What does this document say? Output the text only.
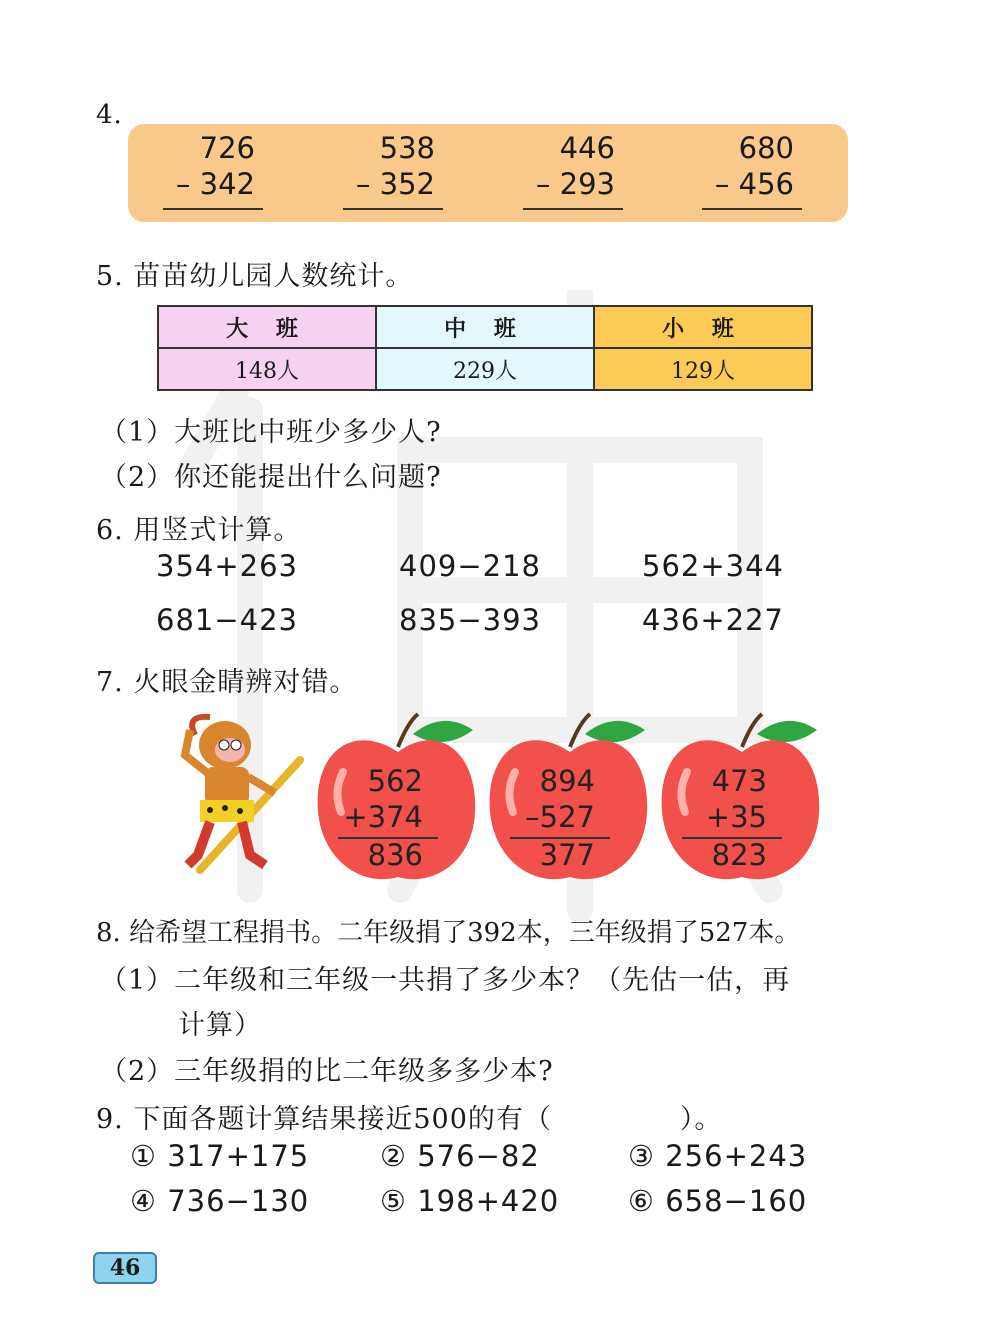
4.
726
– 342
538
– 352
446
– 293
680
– 456
5. 苗苗幼儿园人数统计。
大 班	中 班	小 班
148人	229人	129人
（1）大班比中班少多少人?
（2）你还能提出什么问题?
6. 用竖式计算。
354+263	409−218	562+344
681−423	835−393	436+227
7. 火眼金睛辨对错。
562
+374
836
894
–527
377
473
+35
823
8. 给希望工程捐书。二年级捐了392本，三年级捐了527本。
（1）二年级和三年级一共捐了多少本？（先估一估，再
计算）
（2）三年级捐的比二年级多多少本?
9. 下面各题计算结果接近500的有（	）。
① 317+175 ② 576−82	③ 256+243
④ 736−130 ⑤ 198+420 ⑥ 658−160
46
